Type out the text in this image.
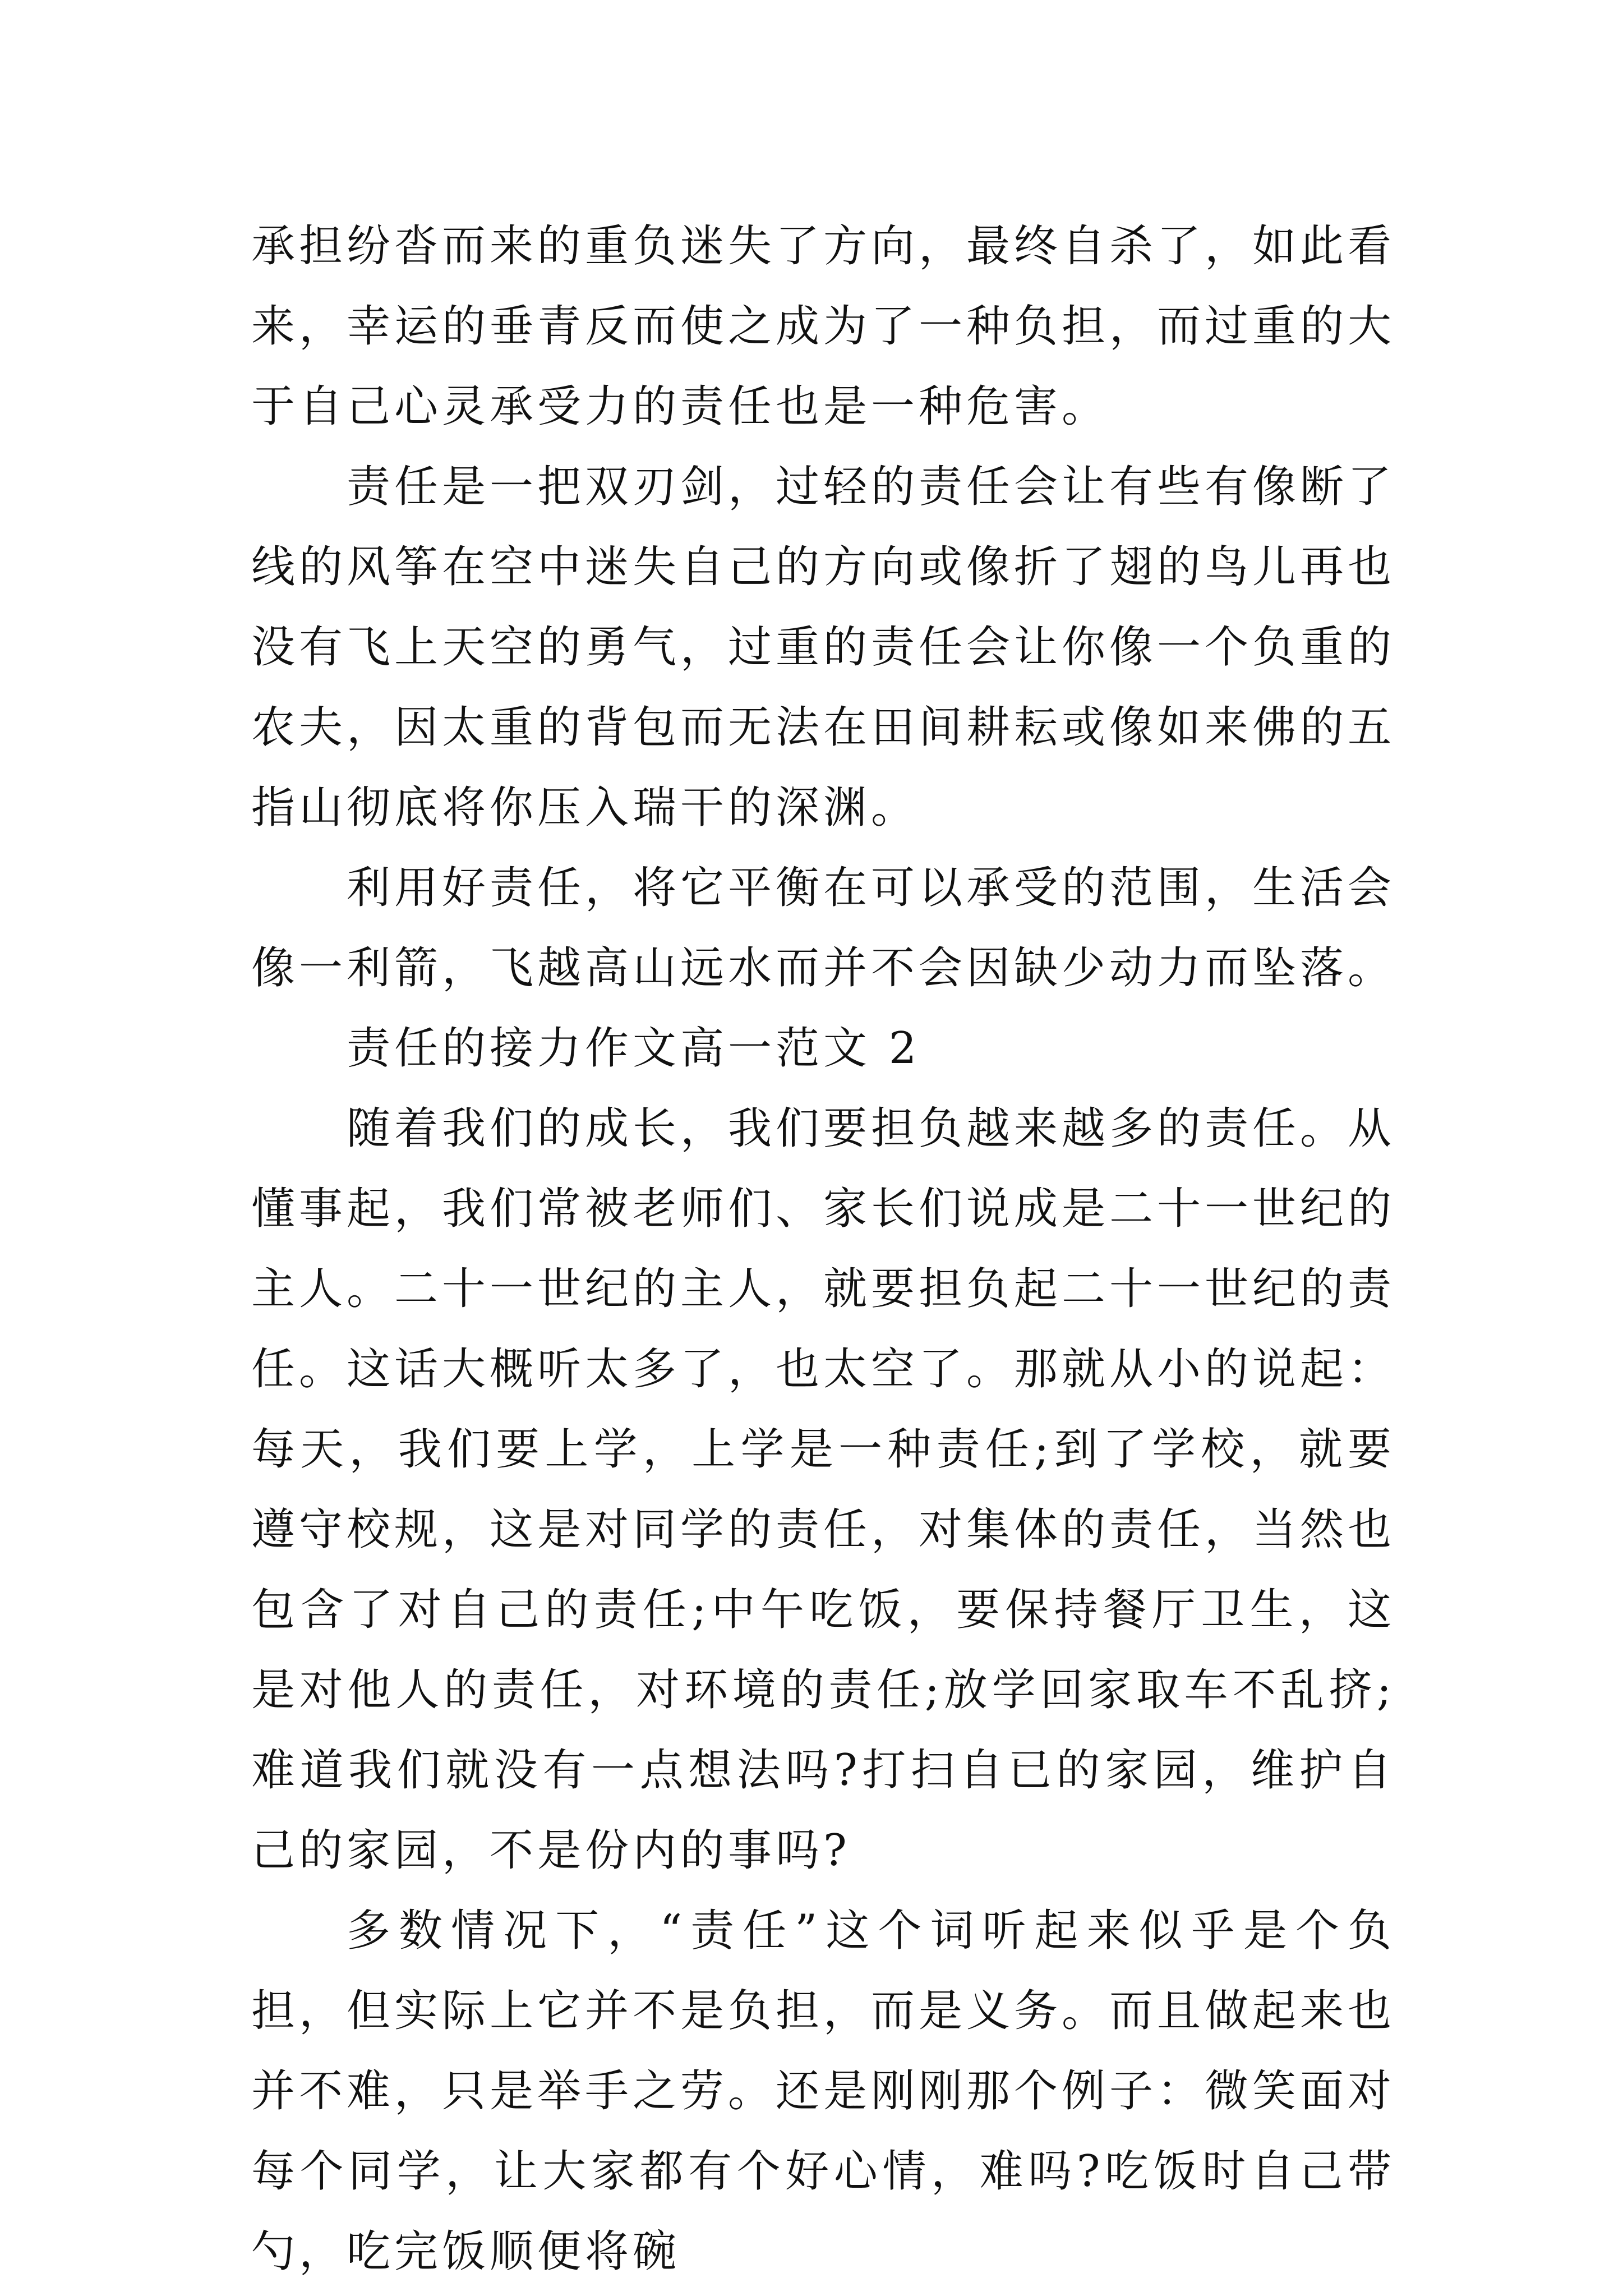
承担纷沓而来的重负迷失了方向，最终自杀了，如此看来，幸运的垂青反而使之成为了一种负担，而过重的大于自己心灵承受力的责任也是一种危害。

责任是一把双刃剑，过轻的责任会让有些有像断了线的风筝在空中迷失自己的方向或像折了翅的鸟儿再也没有飞上天空的勇气，过重的责任会让你像一个负重的农夫，因太重的背包而无法在田间耕耘或像如来佛的五指山彻底将你压入瑞干的深渊。

利用好责任，将它平衡在可以承受的范围，生活会像一利箭，飞越高山远水而并不会因缺少动力而坠落。

责任的接力作文高一范文 2

随着我们的成长，我们要担负越来越多的责任。从懂事起，我们常被老师们、家长们说成是二十一世纪的主人。二十一世纪的主人，就要担负起二十一世纪的责任。这话大概听太多了，也太空了。那就从小的说起：每天，我们要上学，上学是一种责任;到了学校，就要遵守校规，这是对同学的责任，对集体的责任，当然也包含了对自己的责任;中午吃饭，要保持餐厅卫生，这是对他人的责任，对环境的责任;放学回家取车不乱挤;难道我们就没有一点想法吗?打扫自已的家园，维护自己的家园，不是份内的事吗?

多数情况下，“责任”这个词听起来似乎是个负担，但实际上它并不是负担，而是义务。而且做起来也并不难，只是举手之劳。还是刚刚那个例子：微笑面对每个同学，让大家都有个好心情，难吗?吃饭时自己带勺，吃完饭顺便将碗
